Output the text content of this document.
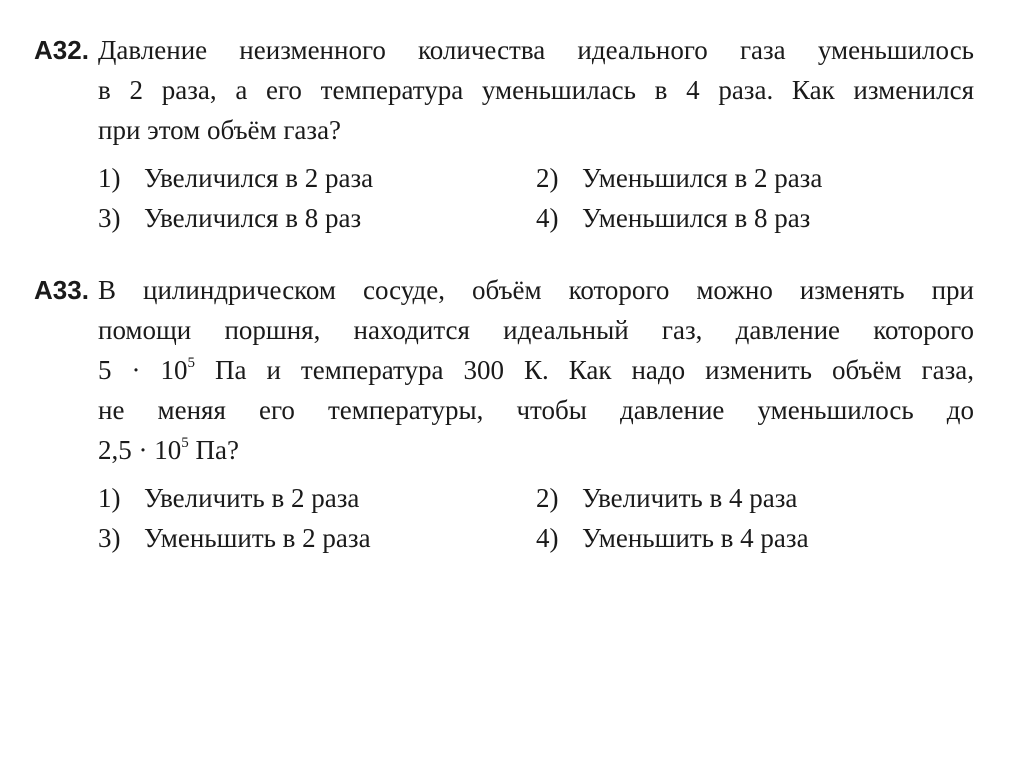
А32. Давление неизменного количества идеального газа уменьшилось
в 2 раза, а его температура уменьшилась в 4 раза. Как изменился
при этом объём газа?
1) Увеличился в 2 раза	2) Уменьшился в 2 раза
3) Увеличился в 8 раз	4) Уменьшился в 8 раз
А33. В цилиндрическом сосуде, объём которого можно изменять при
помощи поршня, находится идеальный газ, давление которого
$5 \cdot 10^5$ Па и температура 300 К. Как надо изменить объём газа,
не меняя его температуры, чтобы давление уменьшилось до
$2,5 \cdot 10^5$ Па?
1) Увеличить в 2 раза	2) Увеличить в 4 раза
3) Уменьшить в 2 раза	4) Уменьшить в 4 раза
